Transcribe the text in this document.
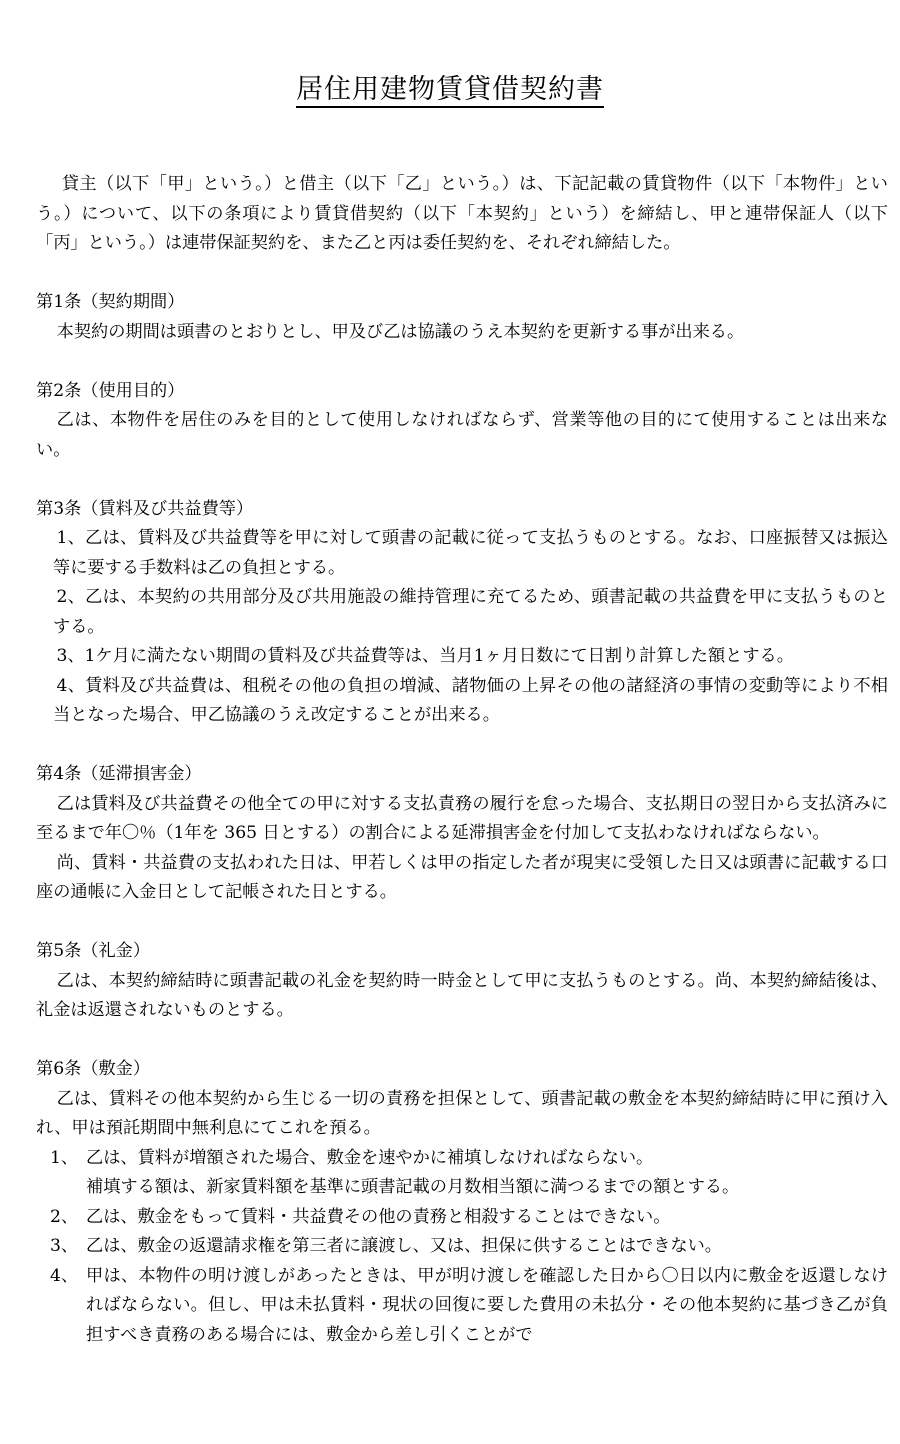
居住用建物賃貸借契約書

貸主（以下「甲」という。）と借主（以下「乙」という。）は、下記記載の賃貸物件（以下「本物件」という。）について、以下の条項により賃貸借契約（以下「本契約」という）を締結し、甲と連帯保証人（以下「丙」という。）は連帯保証契約を、また乙と丙は委任契約を、それぞれ締結した。

第1条（契約期間）

本契約の期間は頭書のとおりとし、甲及び乙は協議のうえ本契約を更新する事が出来る。

第2条（使用目的）

乙は、本物件を居住のみを目的として使用しなければならず、営業等他の目的にて使用することは出来ない。

第3条（賃料及び共益費等）

1、乙は、賃料及び共益費等を甲に対して頭書の記載に従って支払うものとする。なお、口座振替又は振込等に要する手数料は乙の負担とする。

2、乙は、本契約の共用部分及び共用施設の維持管理に充てるため、頭書記載の共益費を甲に支払うものとする。

3、1ケ月に満たない期間の賃料及び共益費等は、当月1ヶ月日数にて日割り計算した額とする。

4、賃料及び共益費は、租税その他の負担の増減、諸物価の上昇その他の諸経済の事情の変動等により不相当となった場合、甲乙協議のうえ改定することが出来る。

第4条（延滞損害金）

乙は賃料及び共益費その他全ての甲に対する支払責務の履行を怠った場合、支払期日の翌日から支払済みに至るまで年〇％（1年を 365 日とする）の割合による延滞損害金を付加して支払わなければならない。

尚、賃料・共益費の支払われた日は、甲若しくは甲の指定した者が現実に受領した日又は頭書に記載する口座の通帳に入金日として記帳された日とする。

第5条（礼金）

乙は、本契約締結時に頭書記載の礼金を契約時一時金として甲に支払うものとする。尚、本契約締結後は、礼金は返還されないものとする。

第6条（敷金）

乙は、賃料その他本契約から生じる一切の責務を担保として、頭書記載の敷金を本契約締結時に甲に預け入れ、甲は預託期間中無利息にてこれを預る。

1、 乙は、賃料が増額された場合、敷金を速やかに補填しなければならない。
補填する額は、新家賃料額を基準に頭書記載の月数相当額に満つるまでの額とする。
2、 乙は、敷金をもって賃料・共益費その他の責務と相殺することはできない。
3、 乙は、敷金の返還請求権を第三者に譲渡し、又は、担保に供することはできない。
4、 甲は、本物件の明け渡しがあったときは、甲が明け渡しを確認した日から〇日以内に敷金を返還しなければならない。但し、甲は未払賃料・現状の回復に要した費用の未払分・その他本契約に基づき乙が負担すべき責務のある場合には、敷金から差し引くことがで
